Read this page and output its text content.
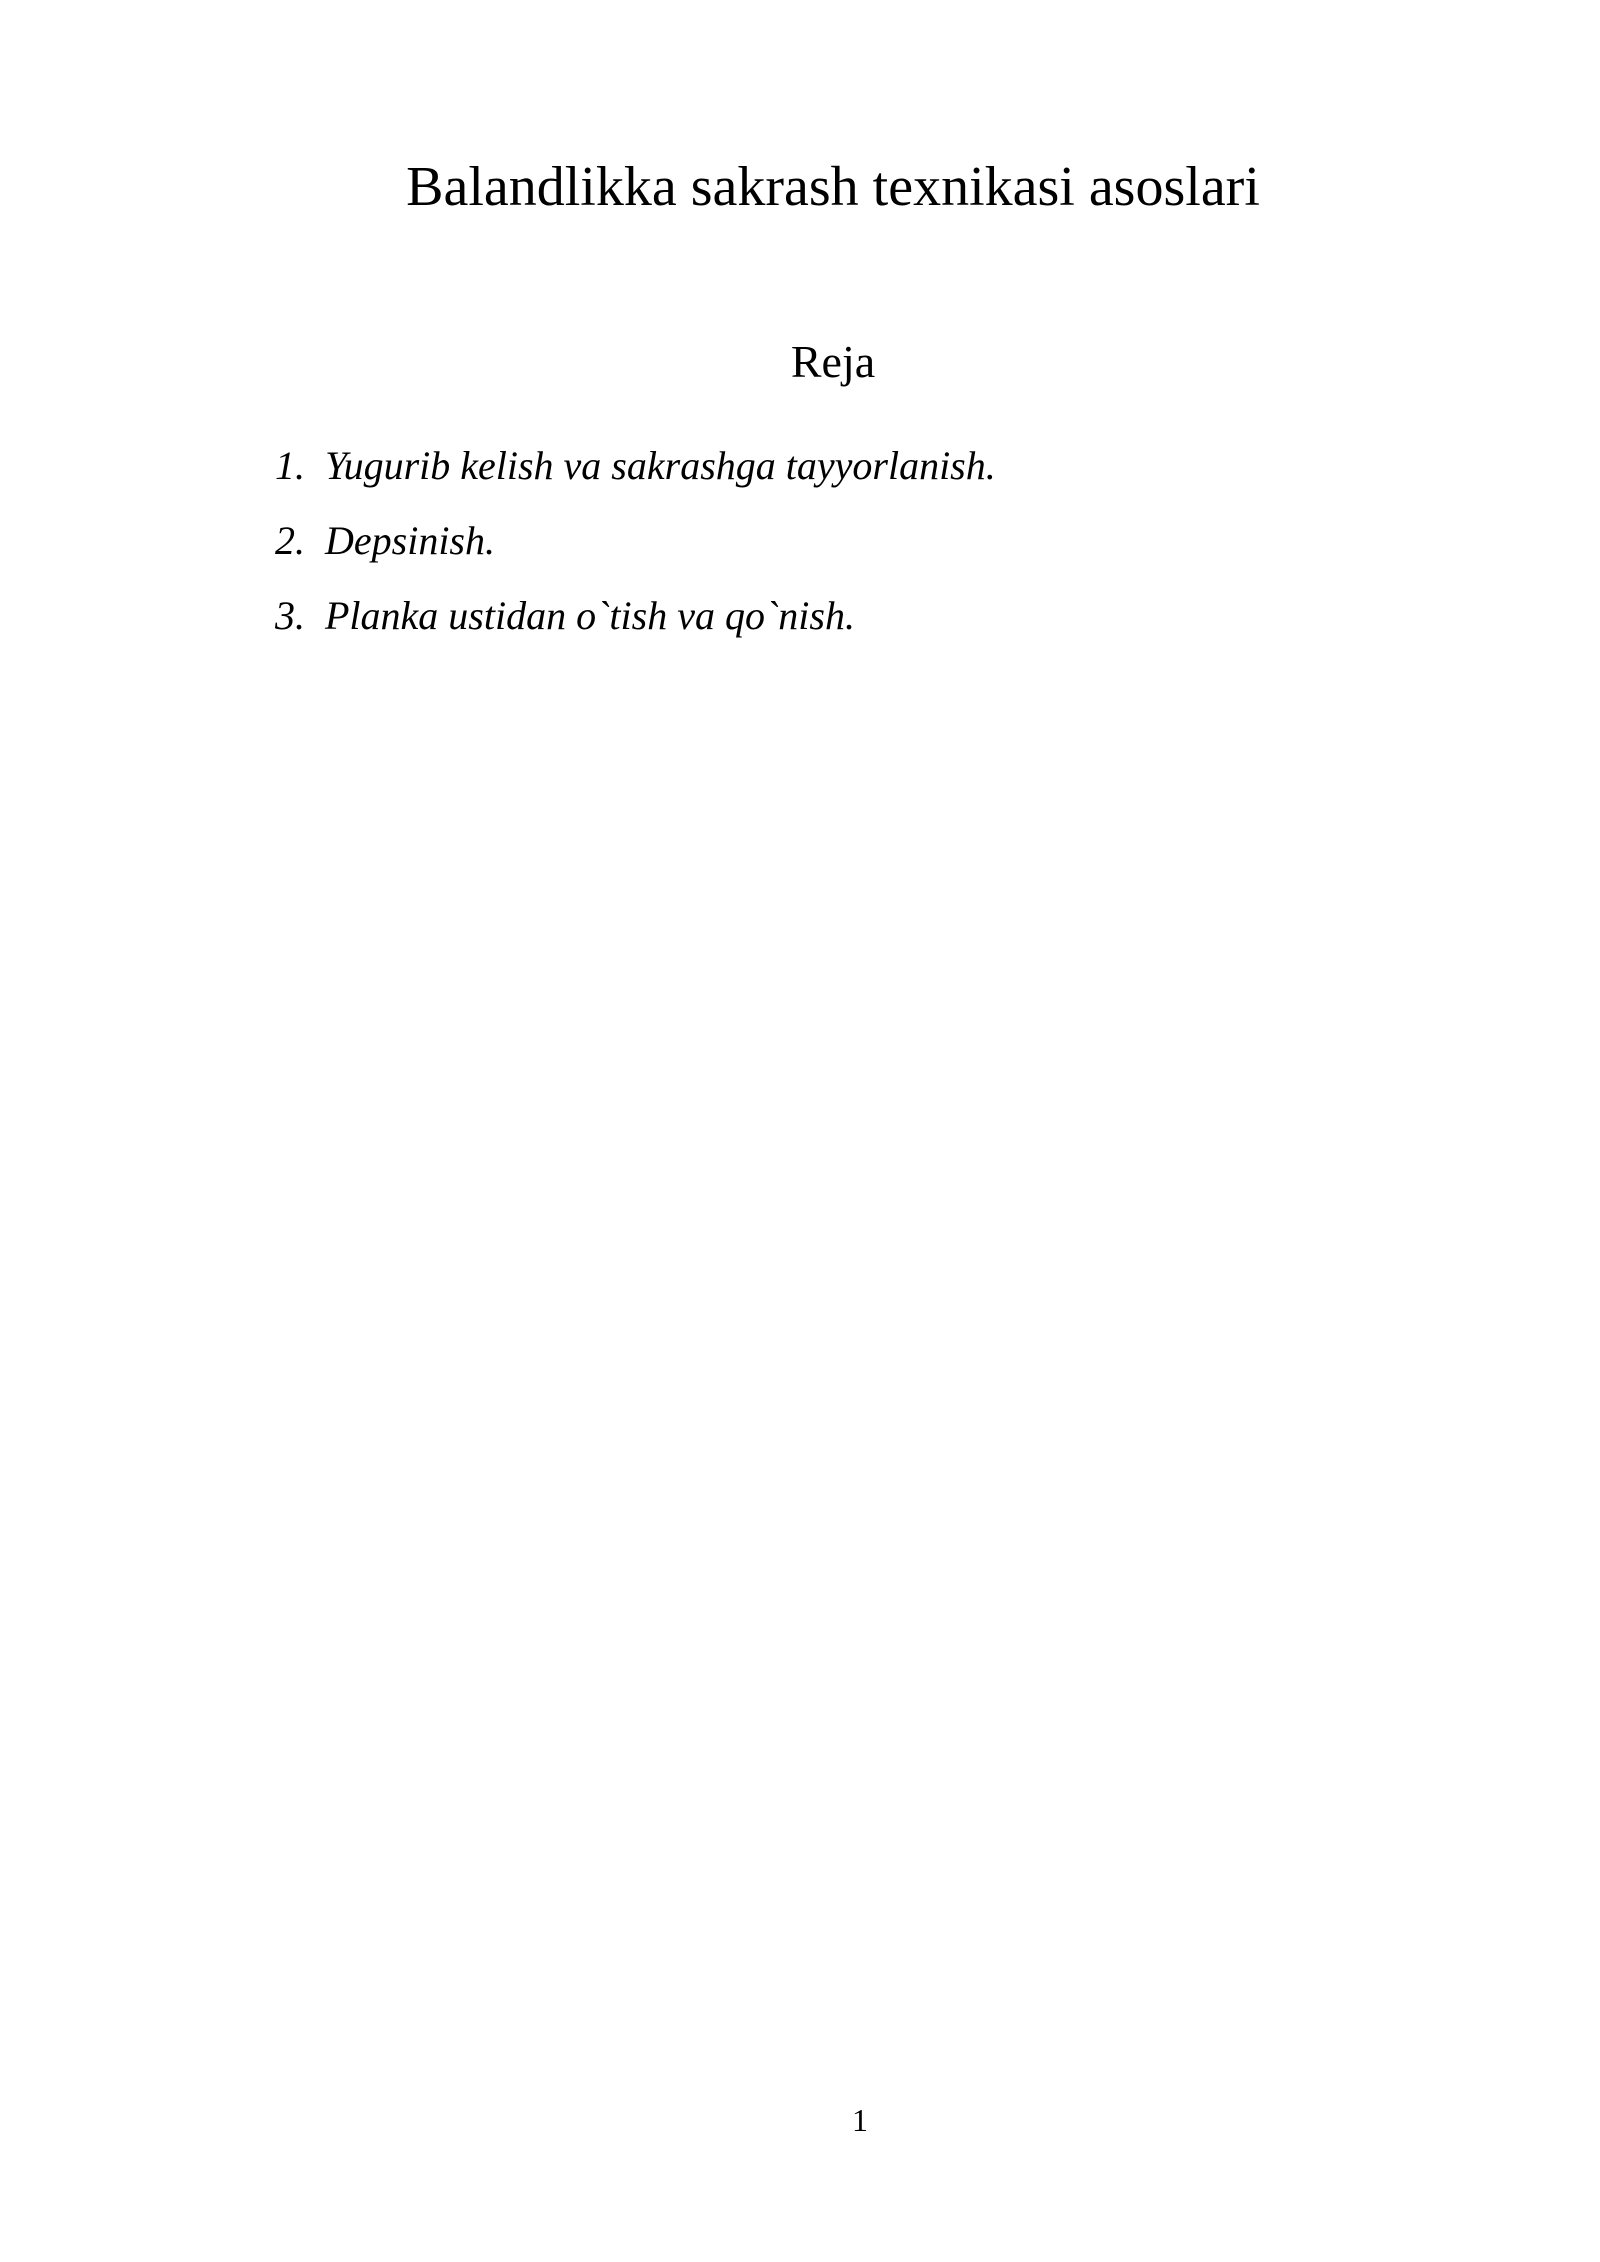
Balandlikka sakrash texnikasi asoslari
Reja
1. Yugurib kelish va sakrashga tayyorlanish.
2. Depsinish.
3. Planka ustidan o`tish va qo`nish.
1
